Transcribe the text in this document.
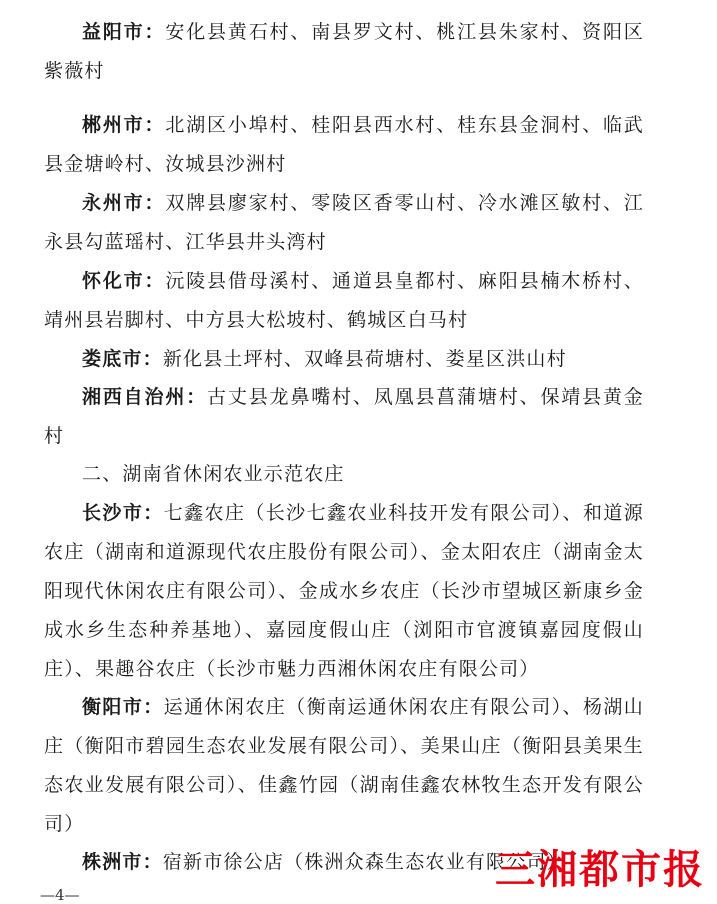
益阳市：安化县黄石村、南县罗文村、桃江县朱家村、资阳区紫薇村

郴州市：北湖区小埠村、桂阳县西水村、桂东县金洞村、临武县金塘岭村、汝城县沙洲村

永州市：双牌县廖家村、零陵区香零山村、冷水滩区敏村、江永县勾蓝瑶村、江华县井头湾村

怀化市：沅陵县借母溪村、通道县皇都村、麻阳县楠木桥村、靖州县岩脚村、中方县大松坡村、鹤城区白马村

娄底市：新化县土坪村、双峰县荷塘村、娄星区洪山村

湘西自治州：古丈县龙鼻嘴村、凤凰县菖蒲塘村、保靖县黄金村

二、湖南省休闲农业示范农庄

长沙市：七鑫农庄（长沙七鑫农业科技开发有限公司）、和道源农庄（湖南和道源现代农庄股份有限公司）、金太阳农庄（湖南金太阳现代休闲农庄有限公司）、金成水乡农庄（长沙市望城区新康乡金成水乡生态种养基地）、嘉园度假山庄（浏阳市官渡镇嘉园度假山庄）、果趣谷农庄（长沙市魅力西湘休闲农庄有限公司）

衡阳市：运通休闲农庄（衡南运通休闲农庄有限公司）、杨湖山庄（衡阳市碧园生态农业发展有限公司）、美果山庄（衡阳县美果生态农业发展有限公司）、佳鑫竹园（湖南佳鑫农林牧生态开发有限公司）

株洲市：宿新市徐公店（株洲众森生态农业有限公司）

—4—
三湘都市报
